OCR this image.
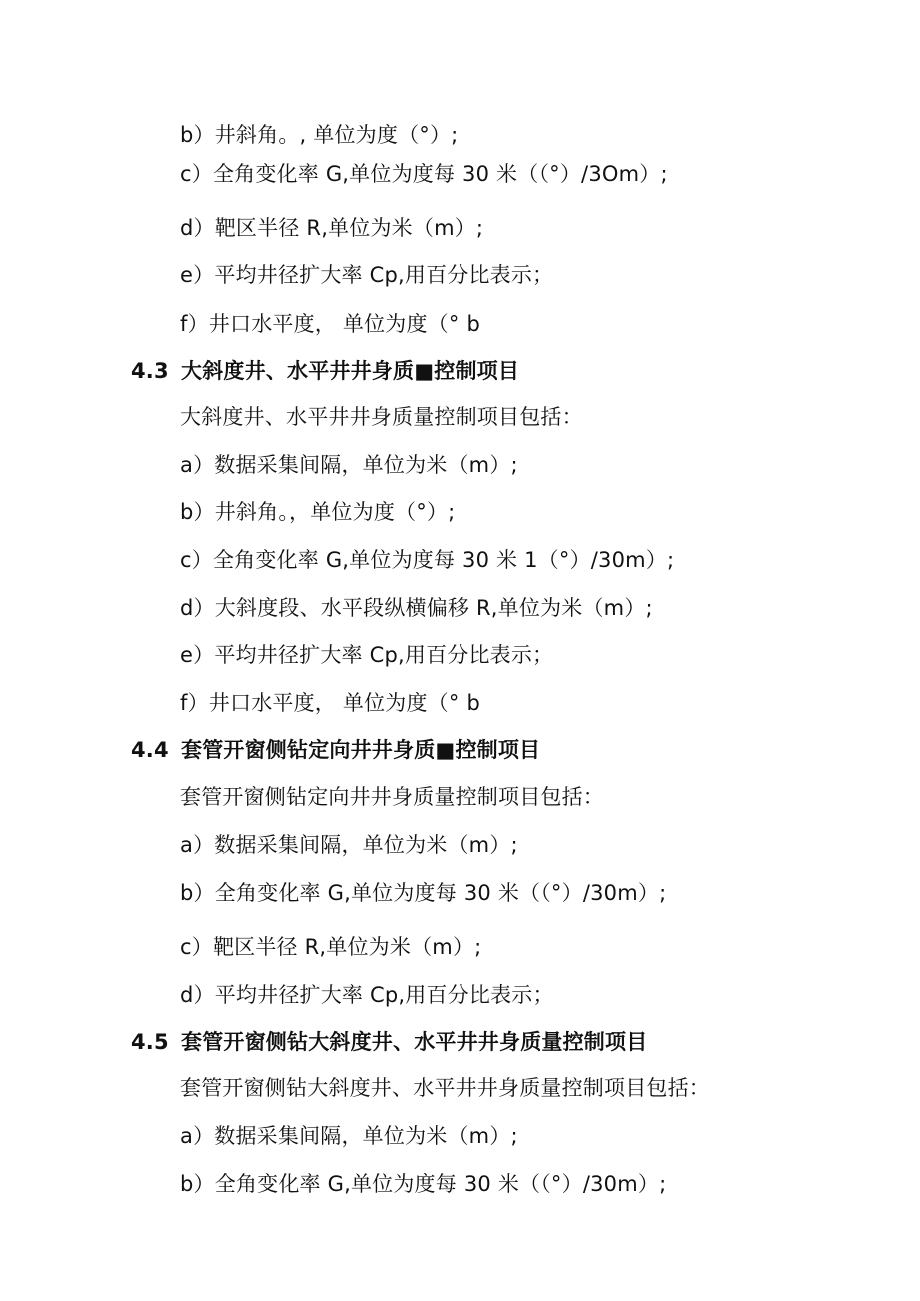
b）井斜角。, 单位为度（°）;
c）全角变化率 G,单位为度每 30 米（（°）/3Om）;
d）靶区半径 R,单位为米（m）;
e）平均井径扩大率 Cp,用百分比表示；
f）井口水平度， 单位为度（° b
4.3 大斜度井、水平井井身质■控制项目
大斜度井、水平井井身质量控制项目包括：
a）数据采集间隔，单位为米（m）;
b）井斜角。，单位为度（°）;
c）全角变化率 G,单位为度每 30 米 1（°）/30m）;
d）大斜度段、水平段纵横偏移 R,单位为米（m）;
e）平均井径扩大率 Cp,用百分比表示；
f）井口水平度， 单位为度（° b
4.4 套管开窗侧钻定向井井身质■控制项目
套管开窗侧钻定向井井身质量控制项目包括：
a）数据采集间隔，单位为米（m）;
b）全角变化率 G,单位为度每 30 米（（°）/30m）;
c）靶区半径 R,单位为米（m）;
d）平均井径扩大率 Cp,用百分比表示；
4.5 套管开窗侧钻大斜度井、水平井井身质量控制项目
套管开窗侧钻大斜度井、水平井井身质量控制项目包括：
a）数据采集间隔，单位为米（m）;
b）全角变化率 G,单位为度每 30 米（（°）/30m）;
